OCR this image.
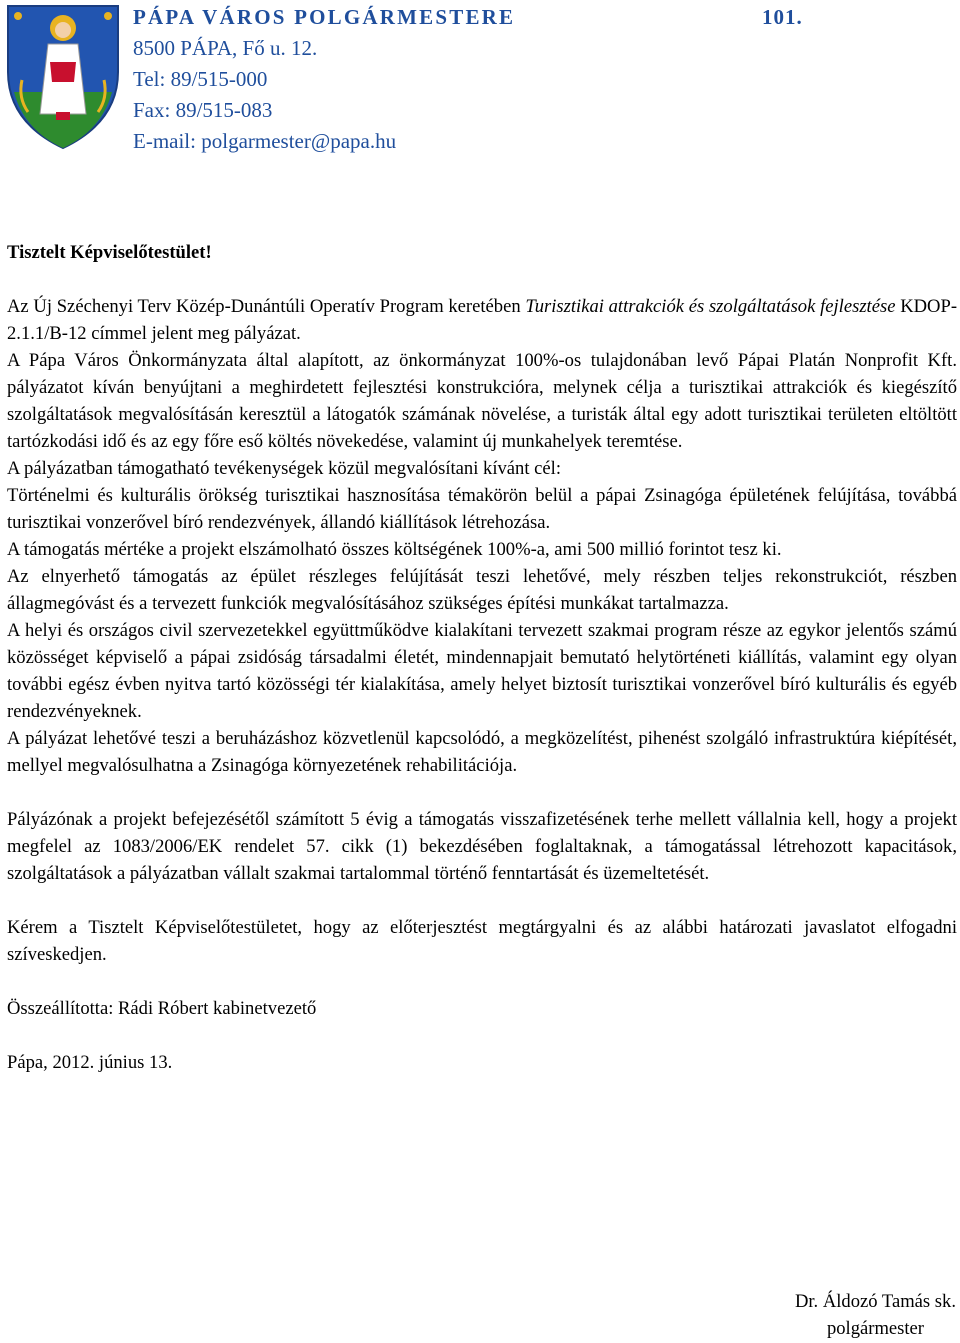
PÁPA VÁROS POLGÁRMESTERE
8500 PÁPA, Fő u. 12.
Tel: 89/515-000
Fax: 89/515-083
E-mail: polgarmester@papa.hu
101.
Tisztelt Képviselőtestület!

Az Új Széchenyi Terv Közép-Dunántúli Operatív Program keretében Turisztikai attrakciók és szolgáltatások fejlesztése KDOP-2.1.1/B-12 címmel jelent meg pályázat.

A Pápa Város Önkormányzata által alapított, az önkormányzat 100%-os tulajdonában levő Pápai Platán Nonprofit Kft. pályázatot kíván benyújtani a meghirdetett fejlesztési konstrukcióra, melynek célja a turisztikai attrakciók és kiegészítő szolgáltatások megvalósításán keresztül a látogatók számának növelése, a turisták által egy adott turisztikai területen eltöltött tartózkodási idő és az egy főre eső költés növekedése, valamint új munkahelyek teremtése.

A pályázatban támogatható tevékenységek közül megvalósítani kívánt cél:

Történelmi és kulturális örökség turisztikai hasznosítása témakörön belül a pápai Zsinagóga épületének felújítása, továbbá turisztikai vonzerővel bíró rendezvények, állandó kiállítások létrehozása.

A támogatás mértéke a projekt elszámolható összes költségének 100%-a, ami 500 millió forintot tesz ki.

Az elnyerhető támogatás az épület részleges felújítását teszi lehetővé, mely részben teljes rekonstrukciót, részben állagmegóvást és a tervezett funkciók megvalósításához szükséges építési munkákat tartalmazza.

A helyi és országos civil szervezetekkel együttműködve kialakítani tervezett szakmai program része az egykor jelentős számú közösséget képviselő a pápai zsidóság társadalmi életét, mindennapjait bemutató helytörténeti kiállítás, valamint egy olyan további egész évben nyitva tartó közösségi tér kialakítása, amely helyet biztosít turisztikai vonzerővel bíró kulturális és egyéb rendezvényeknek.

A pályázat lehetővé teszi a beruházáshoz közvetlenül kapcsolódó, a megközelítést, pihenést szolgáló infrastruktúra kiépítését, mellyel megvalósulhatna a Zsinagóga környezetének rehabilitációja.

Pályázónak a projekt befejezésétől számított 5 évig a támogatás visszafizetésének terhe mellett vállalnia kell, hogy a projekt megfelel az 1083/2006/EK rendelet 57. cikk (1) bekezdésében foglaltaknak, a támogatással létrehozott kapacitások, szolgáltatások a pályázatban vállalt szakmai tartalommal történő fenntartását és üzemeltetését.

Kérem a Tisztelt Képviselőtestületet, hogy az előterjesztést megtárgyalni és az alábbi határozati javaslatot elfogadni szíveskedjen.

Összeállította: Rádi Róbert kabinetvezető

Pápa, 2012. június 13.

Dr. Áldozó Tamás sk.
polgármester
